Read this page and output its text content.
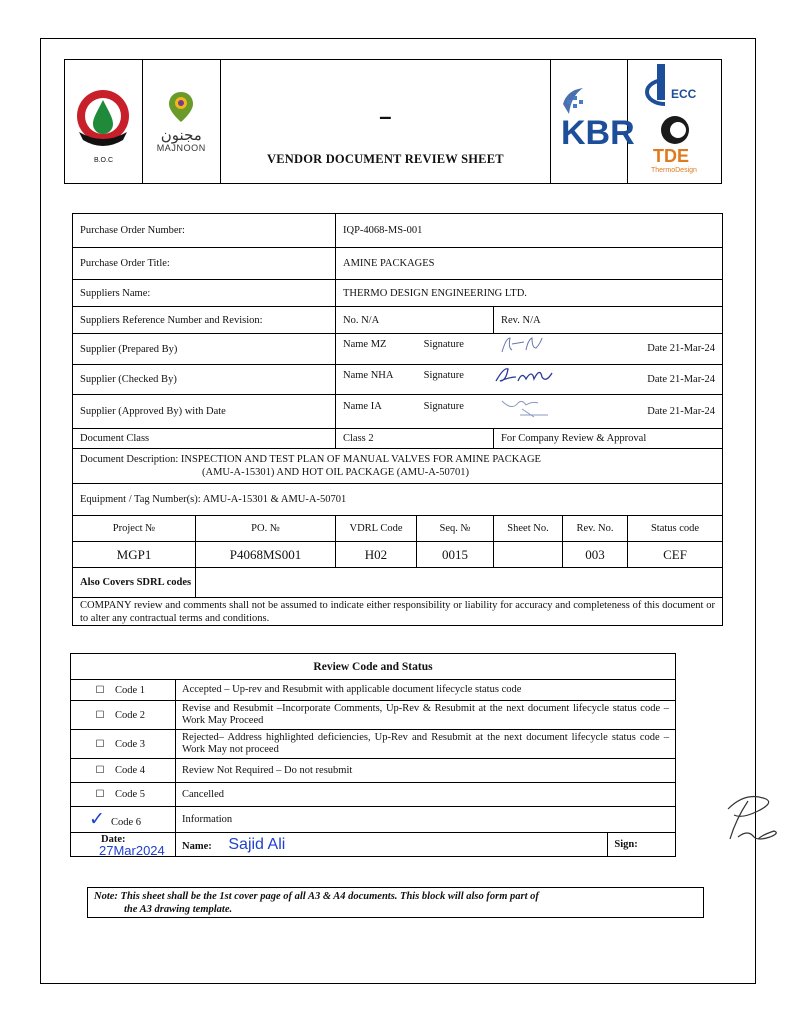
B.O.C

ﻣﺠﻨﻮﻥ
MAJNOON

–
VENDOR DOCUMENT REVIEW SHEET

KBR

ECC
TDE
ThermoDesign
Purchase Order Number:		IQP-4068-MS-001				
Purchase Order Title:		AMINE PACKAGES				
Suppliers Name:		THERMO DESIGN ENGINEERING LTD.				
Suppliers Reference Number and Revision:		No. N/A		Rev. N/A		
Supplier (Prepared By)		Name MZ Signature Date 21-Mar-24				

Supplier (Checked By)		Name NHA Signature Date 21-Mar-24				

Supplier (Approved By) with Date		Name IA Signature Date 21-Mar-24				

Document Class		Class 2		For Company Review & Approval		

Document Description: INSPECTION AND TEST PLAN OF MANUAL VALVES FOR AMINE PACKAGE
(AMU-A-15301) AND HOT OIL PACKAGE (AMU-A-50701)						

Equipment / Tag Number(s): AMU-A-15301 & AMU-A-50701						
Project №	PO. №	VDRL Code	Seq. №	Sheet No.	Rev. No.	Status code
MGP1	P4068MS001	H02	0015		003	CEF
Also Covers SDRL codes						
COMPANY review and comments shall not be assumed to indicate either responsibility or liability for accuracy and completeness of this document or to alter any contractual terms and conditions.						
Review Code and Status		
☐ Code 1	Accepted – Up-rev and Resubmit with applicable document lifecycle status code	
☐ Code 2	Revise and Resubmit –Incorporate Comments, Up-Rev & Resubmit at the next document lifecycle status code – Work May Proceed	
☐ Code 3	Rejected– Address highlighted deficiencies, Up-Rev and Resubmit at the next document lifecycle status code – Work May not proceed	
☐ Code 4	Review Not Required – Do not resubmit	
☐ Code 5	Cancelled	
✓ Code 6	Information	

Date:
27Mar2024	Name: Sajid Ali	Sign:
Note: This sheet shall be the 1st cover page of all A3 & A4 documents. This block will also form part of
the A3 drawing template.
